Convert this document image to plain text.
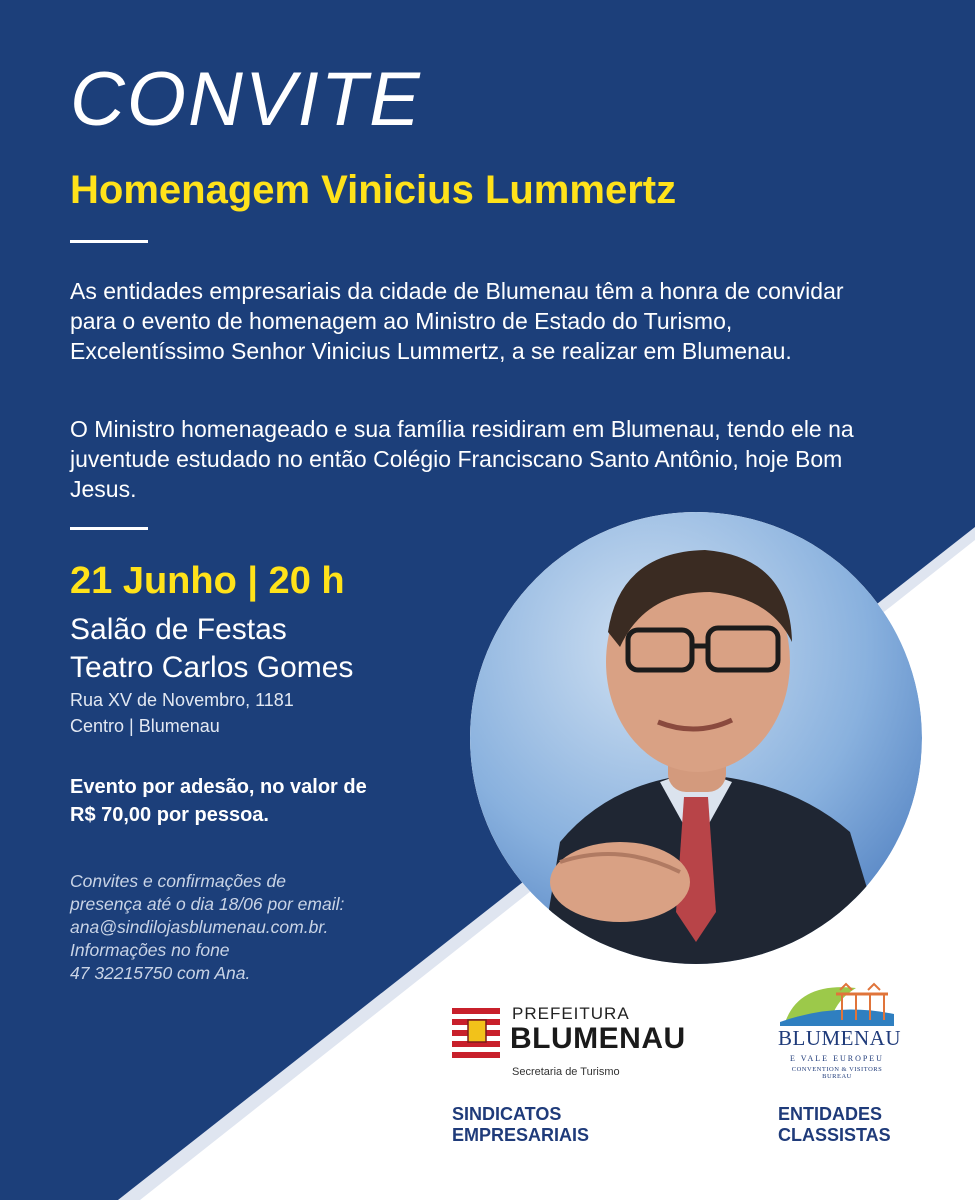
CONVITE
Homenagem Vinicius Lummertz
As entidades empresariais da cidade de Blumenau têm a honra de convidar para o evento de homenagem ao Ministro de Estado do Turismo, Excelentíssimo Senhor Vinicius Lummertz, a se realizar em Blumenau.
O Ministro homenageado e sua família residiram em Blumenau, tendo ele na juventude estudado no então Colégio Franciscano Santo Antônio, hoje Bom Jesus.
21 Junho | 20 h
Salão de Festas
Teatro Carlos Gomes
Rua XV de Novembro, 1181
Centro | Blumenau
Evento por adesão, no valor de
R$ 70,00 por pessoa.
Convites e confirmações de
presença até o dia 18/06 por email:
ana@sindilojasblumenau.com.br.
Informações no fone
47 32215750 com Ana.
PREFEITURA
BLUMENAU
Secretaria de Turismo
BLUMENAU
E VALE EUROPEU
CONVENTION & VISITORS BUREAU
SINDICATOS
EMPRESARIAIS
ENTIDADES
CLASSISTAS
